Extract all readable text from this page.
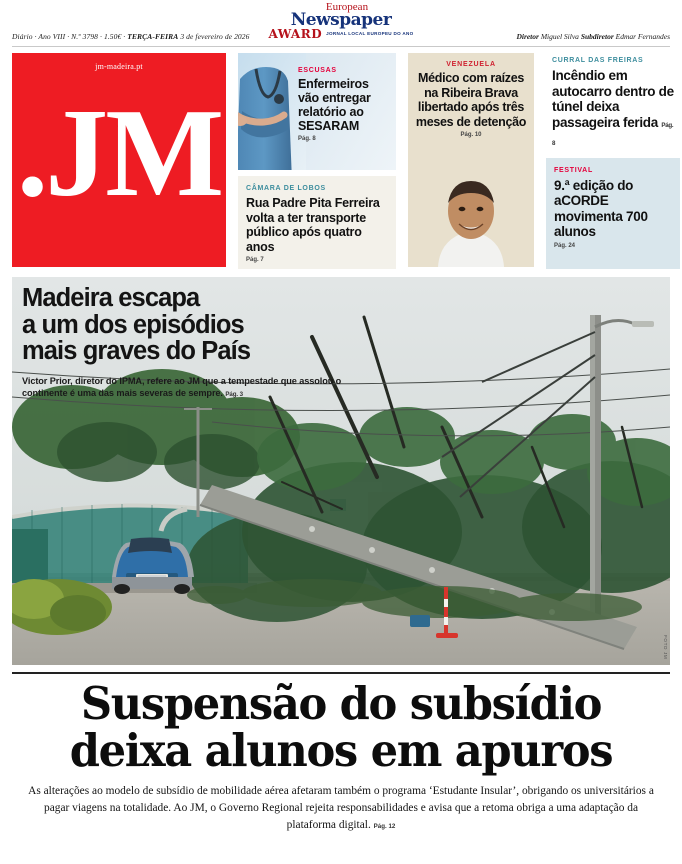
Diário · Ano VIII · N.º 3798 · 1.50€ · TERÇA-FEIRA 3 de fevereiro de 2026
European
Newspaper
AWARD JORNAL LOCAL EUROPEU DO ANO	Diretor Miguel Silva Subdiretor Edmar Fernandes
jm-madeira.pt
.JM
ESCUSAS
Enfermeiros vão entregar relatório ao SESARAM
Pág. 8
CÂMARA DE LOBOS
Rua Padre Pita Ferreira volta a ter transporte público após quatro anos
Pág. 7
VENEZUELA
Médico com raízes na Ribeira Brava libertado após três meses de detenção
Pág. 10
CURRAL DAS FREIRAS
Incêndio em autocarro dentro de túnel deixa passageira ferida Pág. 8
FESTIVAL
9.ª edição do aCORDE movimenta 700 alunos
Pág. 24
Madeira escapa
a um dos episódios
mais graves do País
Victor Prior, diretor do IPMA, refere ao JM que a tempestade que assolou o continente é uma das mais severas de sempre. Pág. 3
FOTO JM
Suspensão do subsídio
deixa alunos em apuros
As alterações ao modelo de subsídio de mobilidade aérea afetaram também o programa ‘Estudante Insular’, obrigando os universitários a pagar viagens na totalidade. Ao JM, o Governo Regional rejeita responsabilidades e avisa que a retoma obriga a uma adaptação da plataforma digital. Pág. 12
